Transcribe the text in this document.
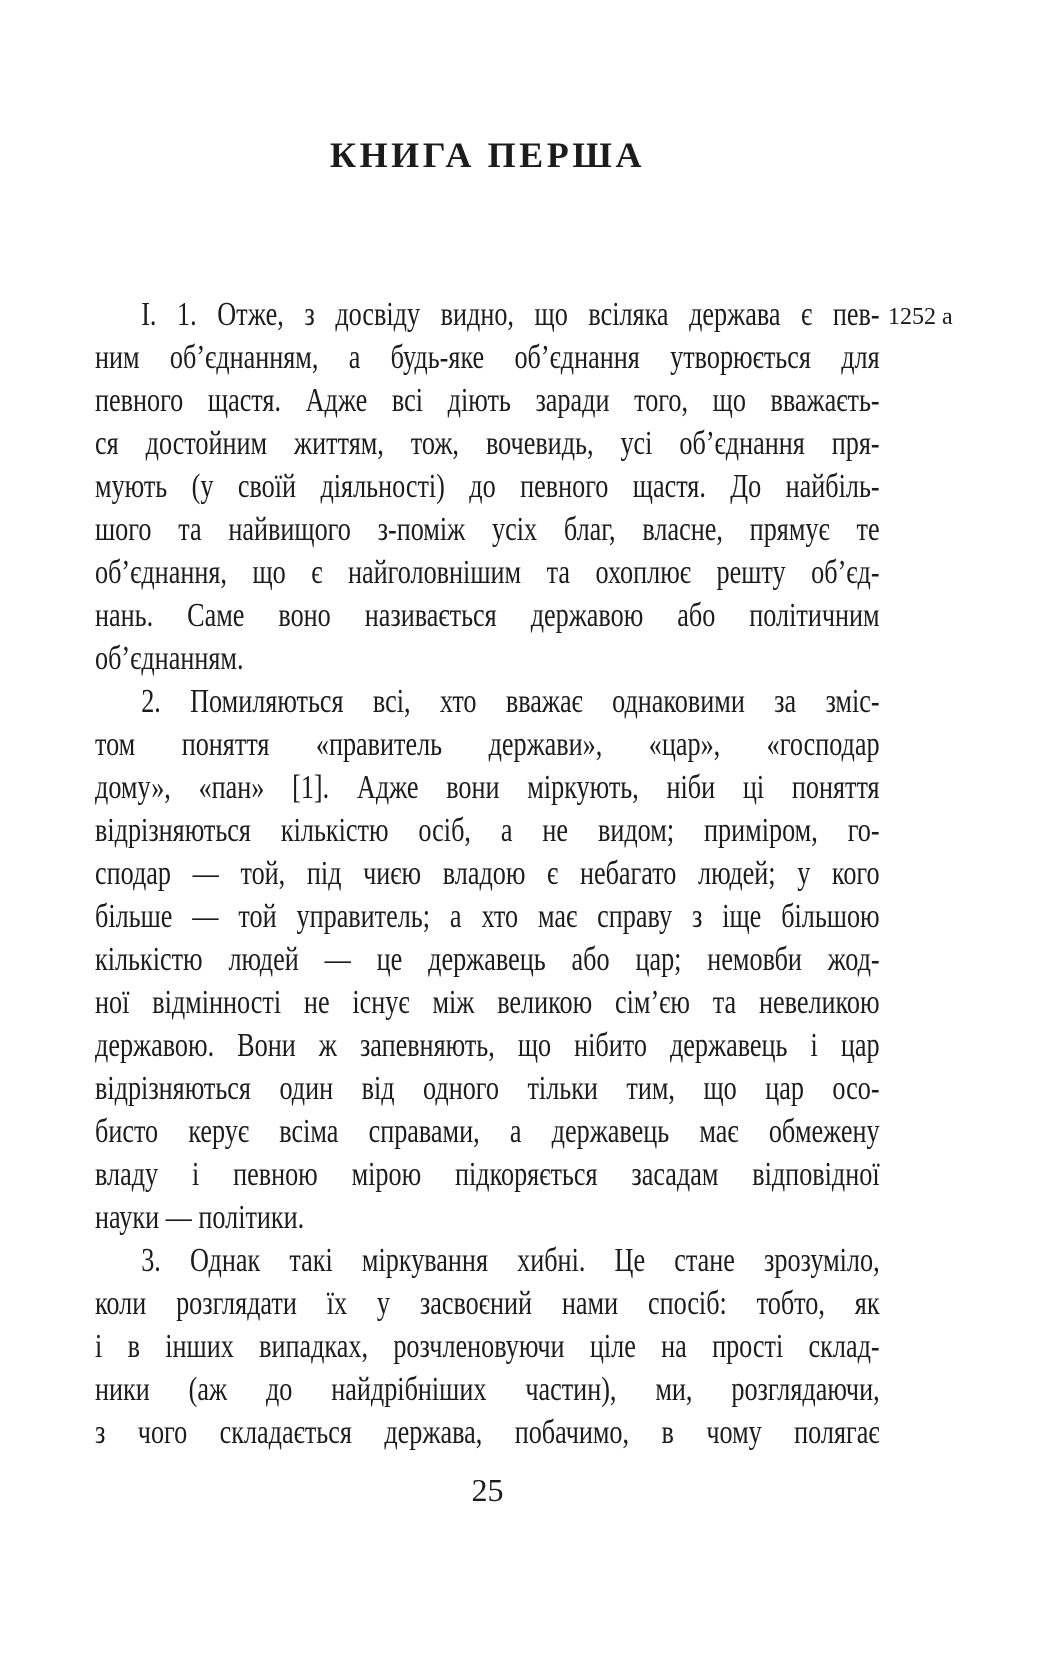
КНИГА ПЕРША
1252 a
І. 1. Отже, з досвіду видно, що всіляка держава є пев-
ним об’єднанням, а будь-яке об’єднання утворюється для
певного щастя. Адже всі діють заради того, що вважаєть-
ся достойним життям, тож, вочевидь, усі об’єднання пря-
мують (у своїй діяльності) до певного щастя. До найбіль-
шого та найвищого з-поміж усіх благ, власне, прямує те
об’єднання, що є найголовнішим та охоплює решту об’єд-
нань. Саме воно називається державою або політичним
об’єднанням.
2. Помиляються всі, хто вважає однаковими за зміс-
том поняття «правитель держави», «цар», «господар
дому», «пан» [1]. Адже вони міркують, ніби ці поняття
відрізняються кількістю осіб, а не видом; приміром, го-
сподар — той, під чиєю владою є небагато людей; у кого
більше — той управитель; а хто має справу з іще більшою
кількістю людей — це державець або цар; немовби жод-
ної відмінності не існує між великою сім’єю та невеликою
державою. Вони ж запевняють, що нібито державець і цар
відрізняються один від одного тільки тим, що цар осо-
бисто керує всіма справами, а державець має обмежену
владу і певною мірою підкоряється засадам відповідної
науки — політики.
3. Однак такі міркування хибні. Це стане зрозуміло,
коли розглядати їх у засвоєний нами спосіб: тобто, як
і в інших випадках, розчленовуючи ціле на прості склад-
ники (аж до найдрібніших частин), ми, розглядаючи,
з чого складається держава, побачимо, в чому полягає
25
